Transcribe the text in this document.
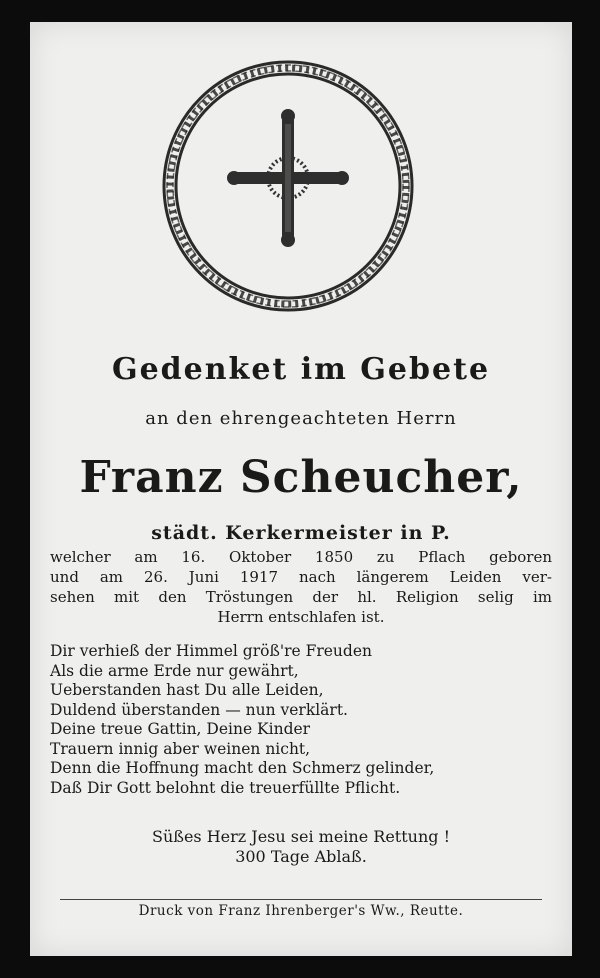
Gedenket im Gebete
an den ehrengeachteten Herrn
Franz Scheucher,
städt. Kerkermeister in P.
welcher am 16. Oktober 1850 zu Pflach geboren
und am 26. Juni 1917 nach längerem Leiden ver-
sehen mit den Tröstungen der hl. Religion selig im
Herrn entschlafen ist.
Dir verhieß der Himmel größ're Freuden
Als die arme Erde nur gewährt,
Ueberstanden hast Du alle Leiden,
Duldend überstanden — nun verklärt.
Deine treue Gattin, Deine Kinder
Trauern innig aber weinen nicht,
Denn die Hoffnung macht den Schmerz gelinder,
Daß Dir Gott belohnt die treuerfüllte Pflicht.
Süßes Herz Jesu sei meine Rettung !
300 Tage Ablaß.
Druck von Franz Ihrenberger's Ww., Reutte.
